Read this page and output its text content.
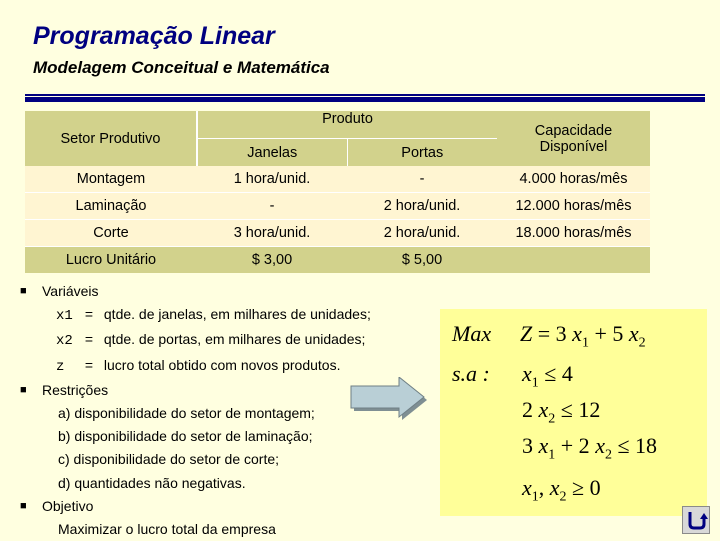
Programação Linear
Modelagem Conceitual e Matemática
Setor Produtivo	Produto		Capacidade
Disponível

	Janelas	Portas	
Montagem	1 hora/unid.	-	4.000 horas/mês
Laminação	-	2 hora/unid.	12.000 horas/mês
Corte	3 hora/unid.	2 hora/unid.	18.000 horas/mês
Lucro Unitário	$ 3,00	$ 5,00	
■ Variáveis
x1 = qtde. de janelas, em milhares de unidades;
x2 = qtde. de portas, em milhares de unidades;
z = lucro total obtido com novos produtos.
■ Restrições
a) disponibilidade do setor de montagem;
b) disponibilidade do setor de laminação;
c) disponibilidade do setor de corte;
d) quantidades não negativas.
■ Objetivo
Maximizar o lucro total da empresa
Max Z = 3 $x_1 + 5$ $x_2$
s.a : $x_1 \le 4$
2 $x_2 \le 12$
3 $x_1 + 2$ $x_2 \le 18$
$x_1$, $x_2 \ge 0$
